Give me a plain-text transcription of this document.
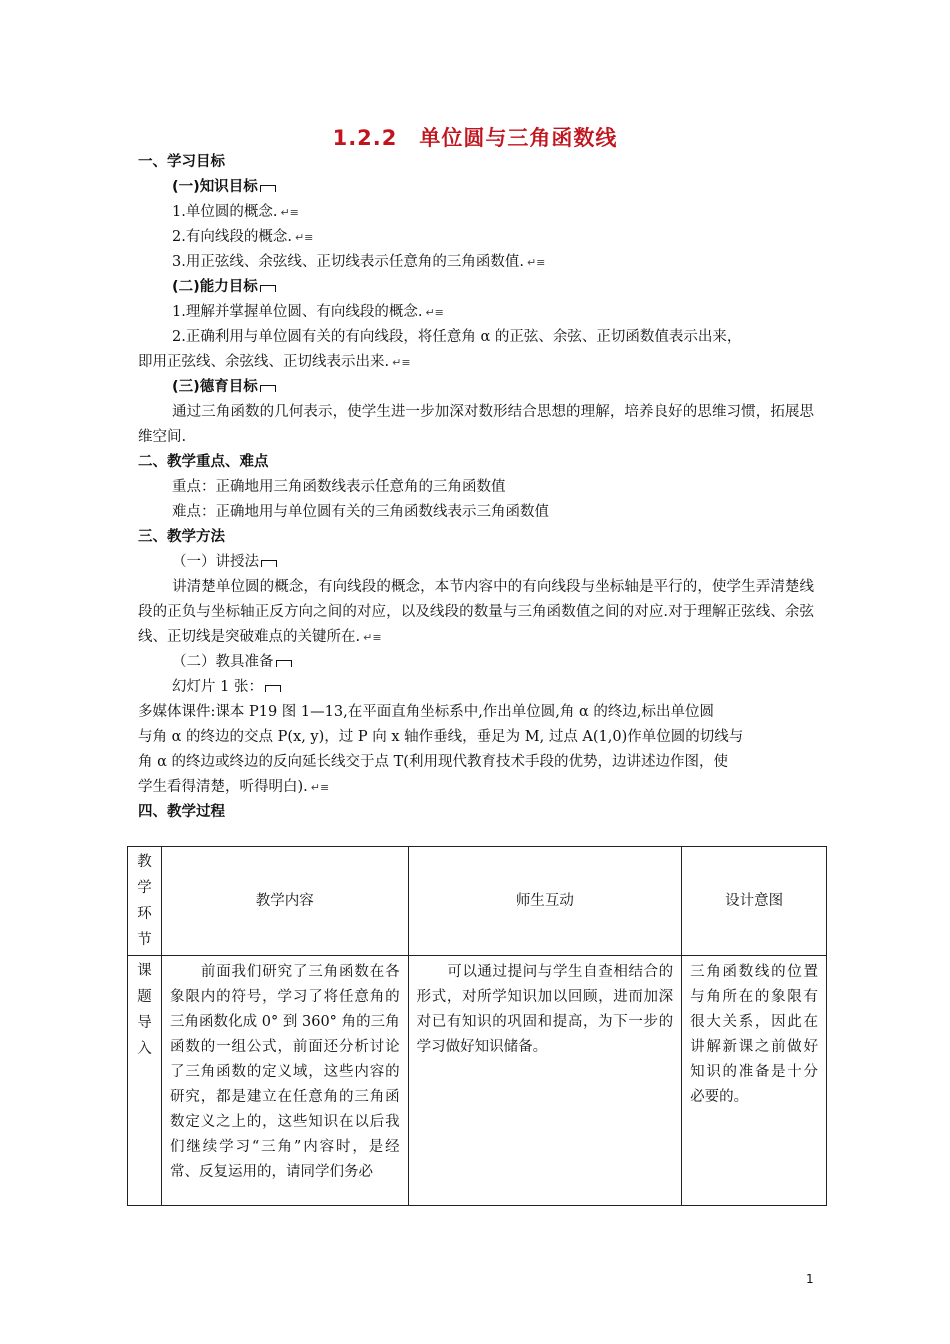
1.2.2　单位圆与三角函数线
一、学习目标
(一)知识目标
1.单位圆的概念. ↵≡
2.有向线段的概念. ↵≡
3.用正弦线、余弦线、正切线表示任意角的三角函数值. ↵≡
(二)能力目标
1.理解并掌握单位圆、有向线段的概念. ↵≡
2.正确利用与单位圆有关的有向线段，将任意角 α 的正弦、余弦、正切函数值表示出来，
即用正弦线、余弦线、正切线表示出来. ↵≡
(三)德育目标
通过三角函数的几何表示，使学生进一步加深对数形结合思想的理解，培养良好的思维习惯，拓展思维空间.
二、教学重点、难点
重点：正确地用三角函数线表示任意角的三角函数值
难点：正确地用与单位圆有关的三角函数线表示三角函数值
三、教学方法
（一）讲授法
讲清楚单位圆的概念，有向线段的概念，本节内容中的有向线段与坐标轴是平行的，使学生弄清楚线段的正负与坐标轴正反方向之间的对应，以及线段的数量与三角函数值之间的对应.对于理解正弦线、余弦线、正切线是突破难点的关键所在. ↵≡
（二）教具准备
幻灯片 1 张：
多媒体课件:课本 P19 图 1—13,在平面直角坐标系中,作出单位圆,角 α 的终边,标出单位圆
与角 α 的终边的交点 P(x, y)，过 P 向 x 轴作垂线，垂足为 M, 过点 A(1,0)作单位圆的切线与
角 α 的终边或终边的反向延长线交于点 T(利用现代教育技术手段的优势，边讲述边作图，使
学生看得清楚，听得明白). ↵≡
四、教学过程
教学环节	教学内容	师生互动	设计意图

课题导入	前面我们研究了三角函数在各象限内的符号，学习了将任意角的三角函数化成 0° 到 360° 角的三角函数的一组公式，前面还分析讨论了三角函数的定义域，这些内容的研究，都是建立在任意角的三角函数定义之上的，这些知识在以后我们继续学习“三角”内容时，是经常、反复运用的，请同学们务必	可以通过提问与学生自查相结合的形式，对所学知识加以回顾，进而加深对已有知识的巩固和提高，为下一步的学习做好知识储备。	三角函数线的位置与角所在的象限有很大关系，因此在讲解新课之前做好知识的准备是十分必要的。
1
